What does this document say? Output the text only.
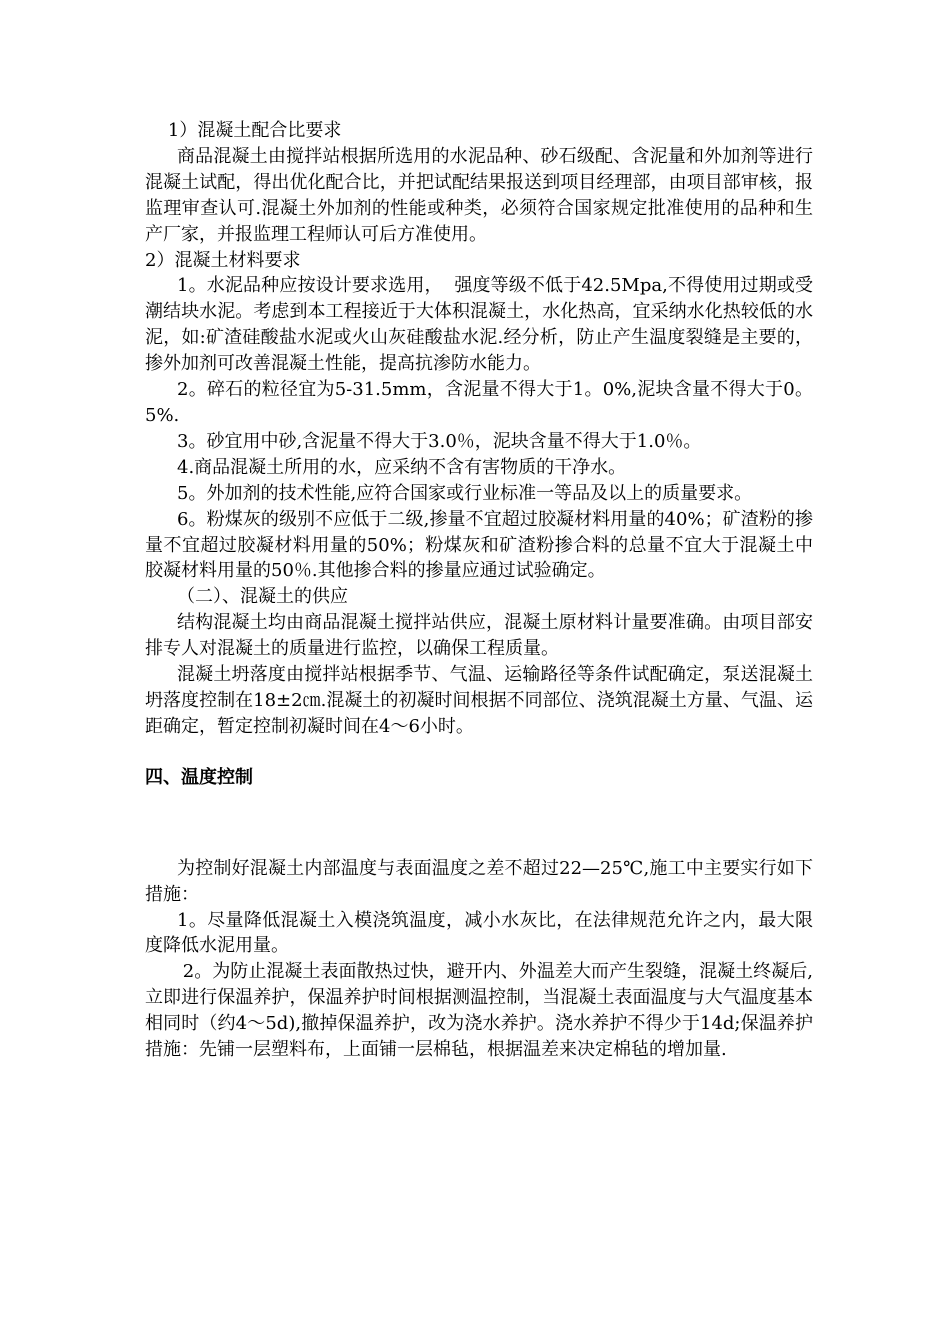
1）混凝土配合比要求

商品混凝土由搅拌站根据所选用的水泥品种、砂石级配、含泥量和外加剂等进行混凝土试配，得出优化配合比，并把试配结果报送到项目经理部，由项目部审核，报监理审查认可.混凝土外加剂的性能或种类，必须符合国家规定批准使用的品种和生产厂家，并报监理工程师认可后方准使用。

2）混凝土材料要求

1。水泥品种应按设计要求选用，  强度等级不低于42.5Mpa,不得使用过期或受潮结块水泥。考虑到本工程接近于大体积混凝土，水化热高，宜采纳水化热较低的水泥，如:矿渣硅酸盐水泥或火山灰硅酸盐水泥.经分析，防止产生温度裂缝是主要的，掺外加剂可改善混凝土性能，提高抗渗防水能力。

2。碎石的粒径宜为5-31.5mm，含泥量不得大于1。0%,泥块含量不得大于0。5%.

3。砂宜用中砂,含泥量不得大于3.0％，泥块含量不得大于1.0％。

4.商品混凝土所用的水，应采纳不含有害物质的干净水。

5。外加剂的技术性能,应符合国家或行业标准一等品及以上的质量要求。

6。粉煤灰的级别不应低于二级,掺量不宜超过胶凝材料用量的40%；矿渣粉的掺量不宜超过胶凝材料用量的50%；粉煤灰和矿渣粉掺合料的总量不宜大于混凝土中胶凝材料用量的50％.其他掺合料的掺量应通过试验确定。

（二）、混凝土的供应

结构混凝土均由商品混凝土搅拌站供应，混凝土原材料计量要准确。由项目部安排专人对混凝土的质量进行监控，以确保工程质量。

混凝土坍落度由搅拌站根据季节、气温、运输路径等条件试配确定，泵送混凝土坍落度控制在18±2㎝.混凝土的初凝时间根据不同部位、浇筑混凝土方量、气温、运距确定，暂定控制初凝时间在4～6小时。

四、温度控制

为控制好混凝土内部温度与表面温度之差不超过22—25℃,施工中主要实行如下措施：

1。尽量降低混凝土入模浇筑温度，减小水灰比，在法律规范允许之内，最大限度降低水泥用量。

2。为防止混凝土表面散热过快，避开内、外温差大而产生裂缝，混凝土终凝后,立即进行保温养护，保温养护时间根据测温控制，当混凝土表面温度与大气温度基本相同时（约4～5d),撤掉保温养护，改为浇水养护。浇水养护不得少于14d;保温养护措施：先铺一层塑料布，上面铺一层棉毡，根据温差来决定棉毡的增加量.
